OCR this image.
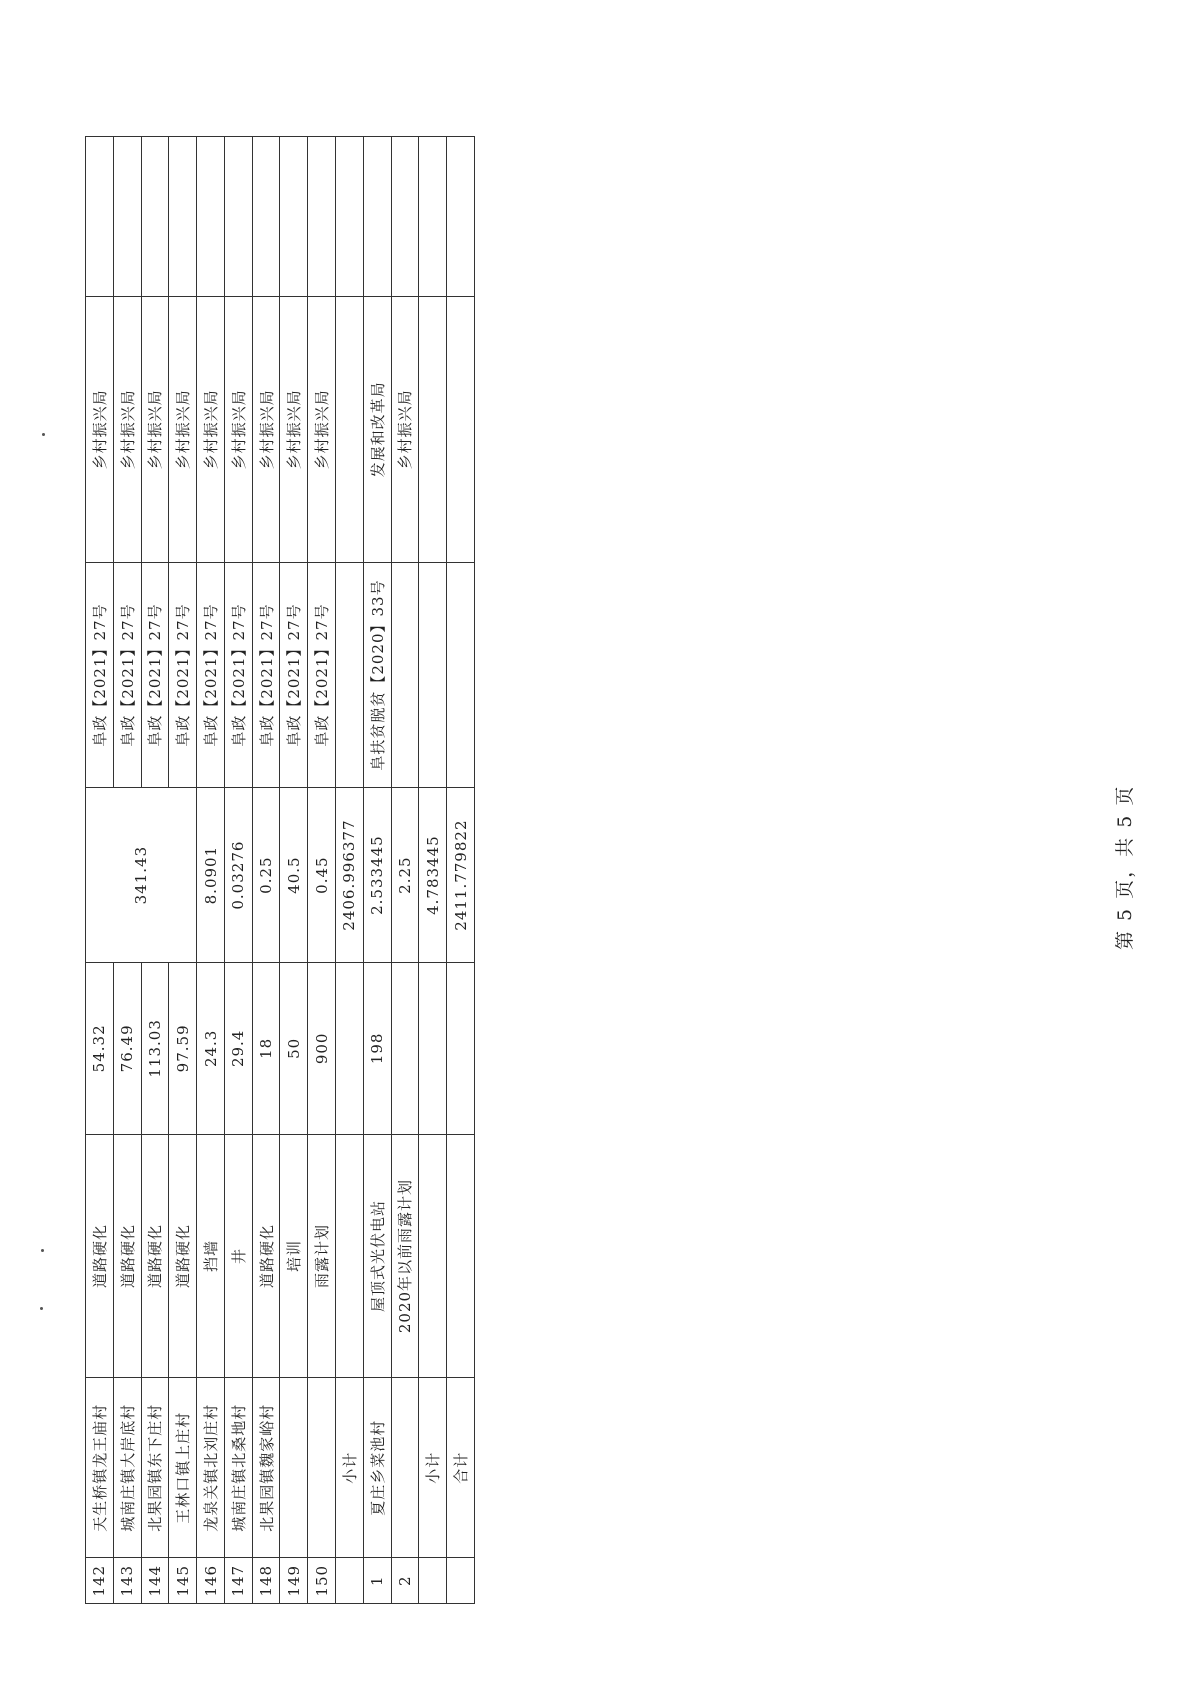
142	天生桥镇龙王庙村	道路硬化	54.32	341.43	阜政【2021】27号	乡村振兴局	
143	城南庄镇大岸底村	道路硬化	76.49		阜政【2021】27号	乡村振兴局	
144	北果园镇东下庄村	道路硬化	113.03		阜政【2021】27号	乡村振兴局	
145	王林口镇上庄村	道路硬化	97.59		阜政【2021】27号	乡村振兴局	
146	龙泉关镇北刘庄村	挡墙	24.3	8.0901	阜政【2021】27号	乡村振兴局	
147	城南庄镇北桑地村	井	29.4	0.03276	阜政【2021】27号	乡村振兴局	
148	北果园镇魏家峪村	道路硬化	18	0.25	阜政【2021】27号	乡村振兴局	
149		培训	50	40.5	阜政【2021】27号	乡村振兴局	
150		雨露计划	900	0.45	阜政【2021】27号	乡村振兴局	
	小计			2406.996377			
1	夏庄乡菜池村	屋顶式光伏电站	198	2.533445	阜扶贫脱贫【2020】33号	发展和改革局	
2		2020年以前雨露计划		2.25		乡村振兴局	
	小计			4.783445			
	合计			2411.779822				第 5 页，共 5 页
